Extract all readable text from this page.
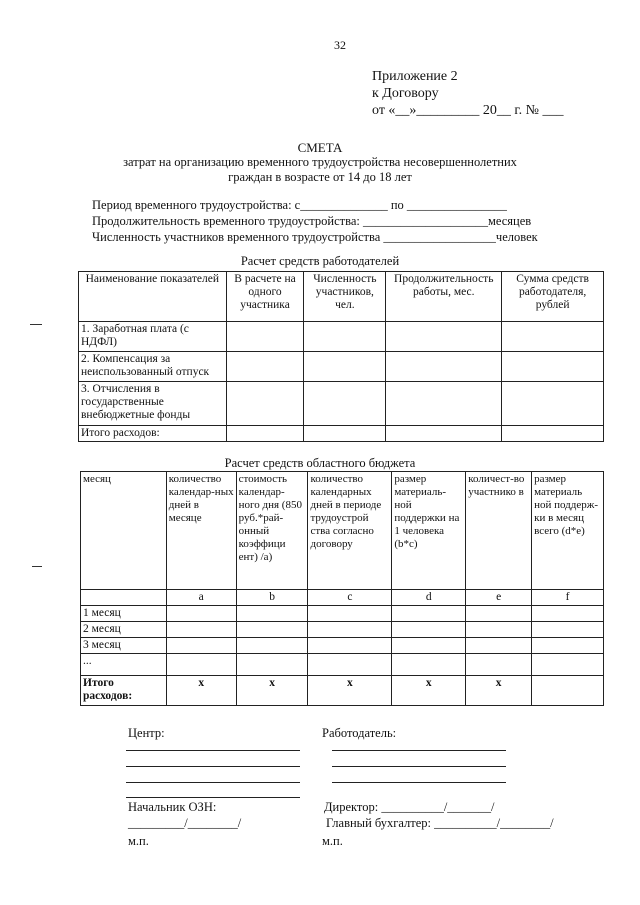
32
Приложение 2
к Договору
от «__»_________ 20__ г. № ___
СМЕТА
затрат на организацию временного трудоустройства несовершеннолетних
граждан в возрасте от 14 до 18 лет
Период временного трудоустройства: с______________ по ________________
Продолжительность временного трудоустройства: ____________________месяцев
Численность участников временного трудоустройства __________________человек
Расчет средств работодателей
Наименование показателей	В расчете на одного участника	Численность участников, чел.	Продолжительность работы, мес.	Сумма средств работодателя, рублей
1. Заработная плата (с НДФЛ)				
2. Компенсация за неиспользованный отпуск				
3. Отчисления в государственные внебюджетные фонды				
Итого расходов:				
Расчет средств областного бюджета
месяц	количество календар-ных дней в месяце	стоимость календар-ного дня (850 руб.*рай-онный коэффици ент) /a)	количество календарных дней в периоде трудоустрой ства согласно договору	размер материаль-ной поддержки на 1 человека (b*c)	количест-во участнико в	размер материаль ной поддерж-ки в месяц всего (d*e)
	a	b	c	d	e	f
1 месяц						
2 месяц						
3 месяц						
...						
Итого расходов:	x	x	x	x	x	
Центр:	Работодатель:
Начальник ОЗН:
_________/________/
м.п.
Директор: __________/_______/
Главный бухгалтер: __________/________/
м.п.
